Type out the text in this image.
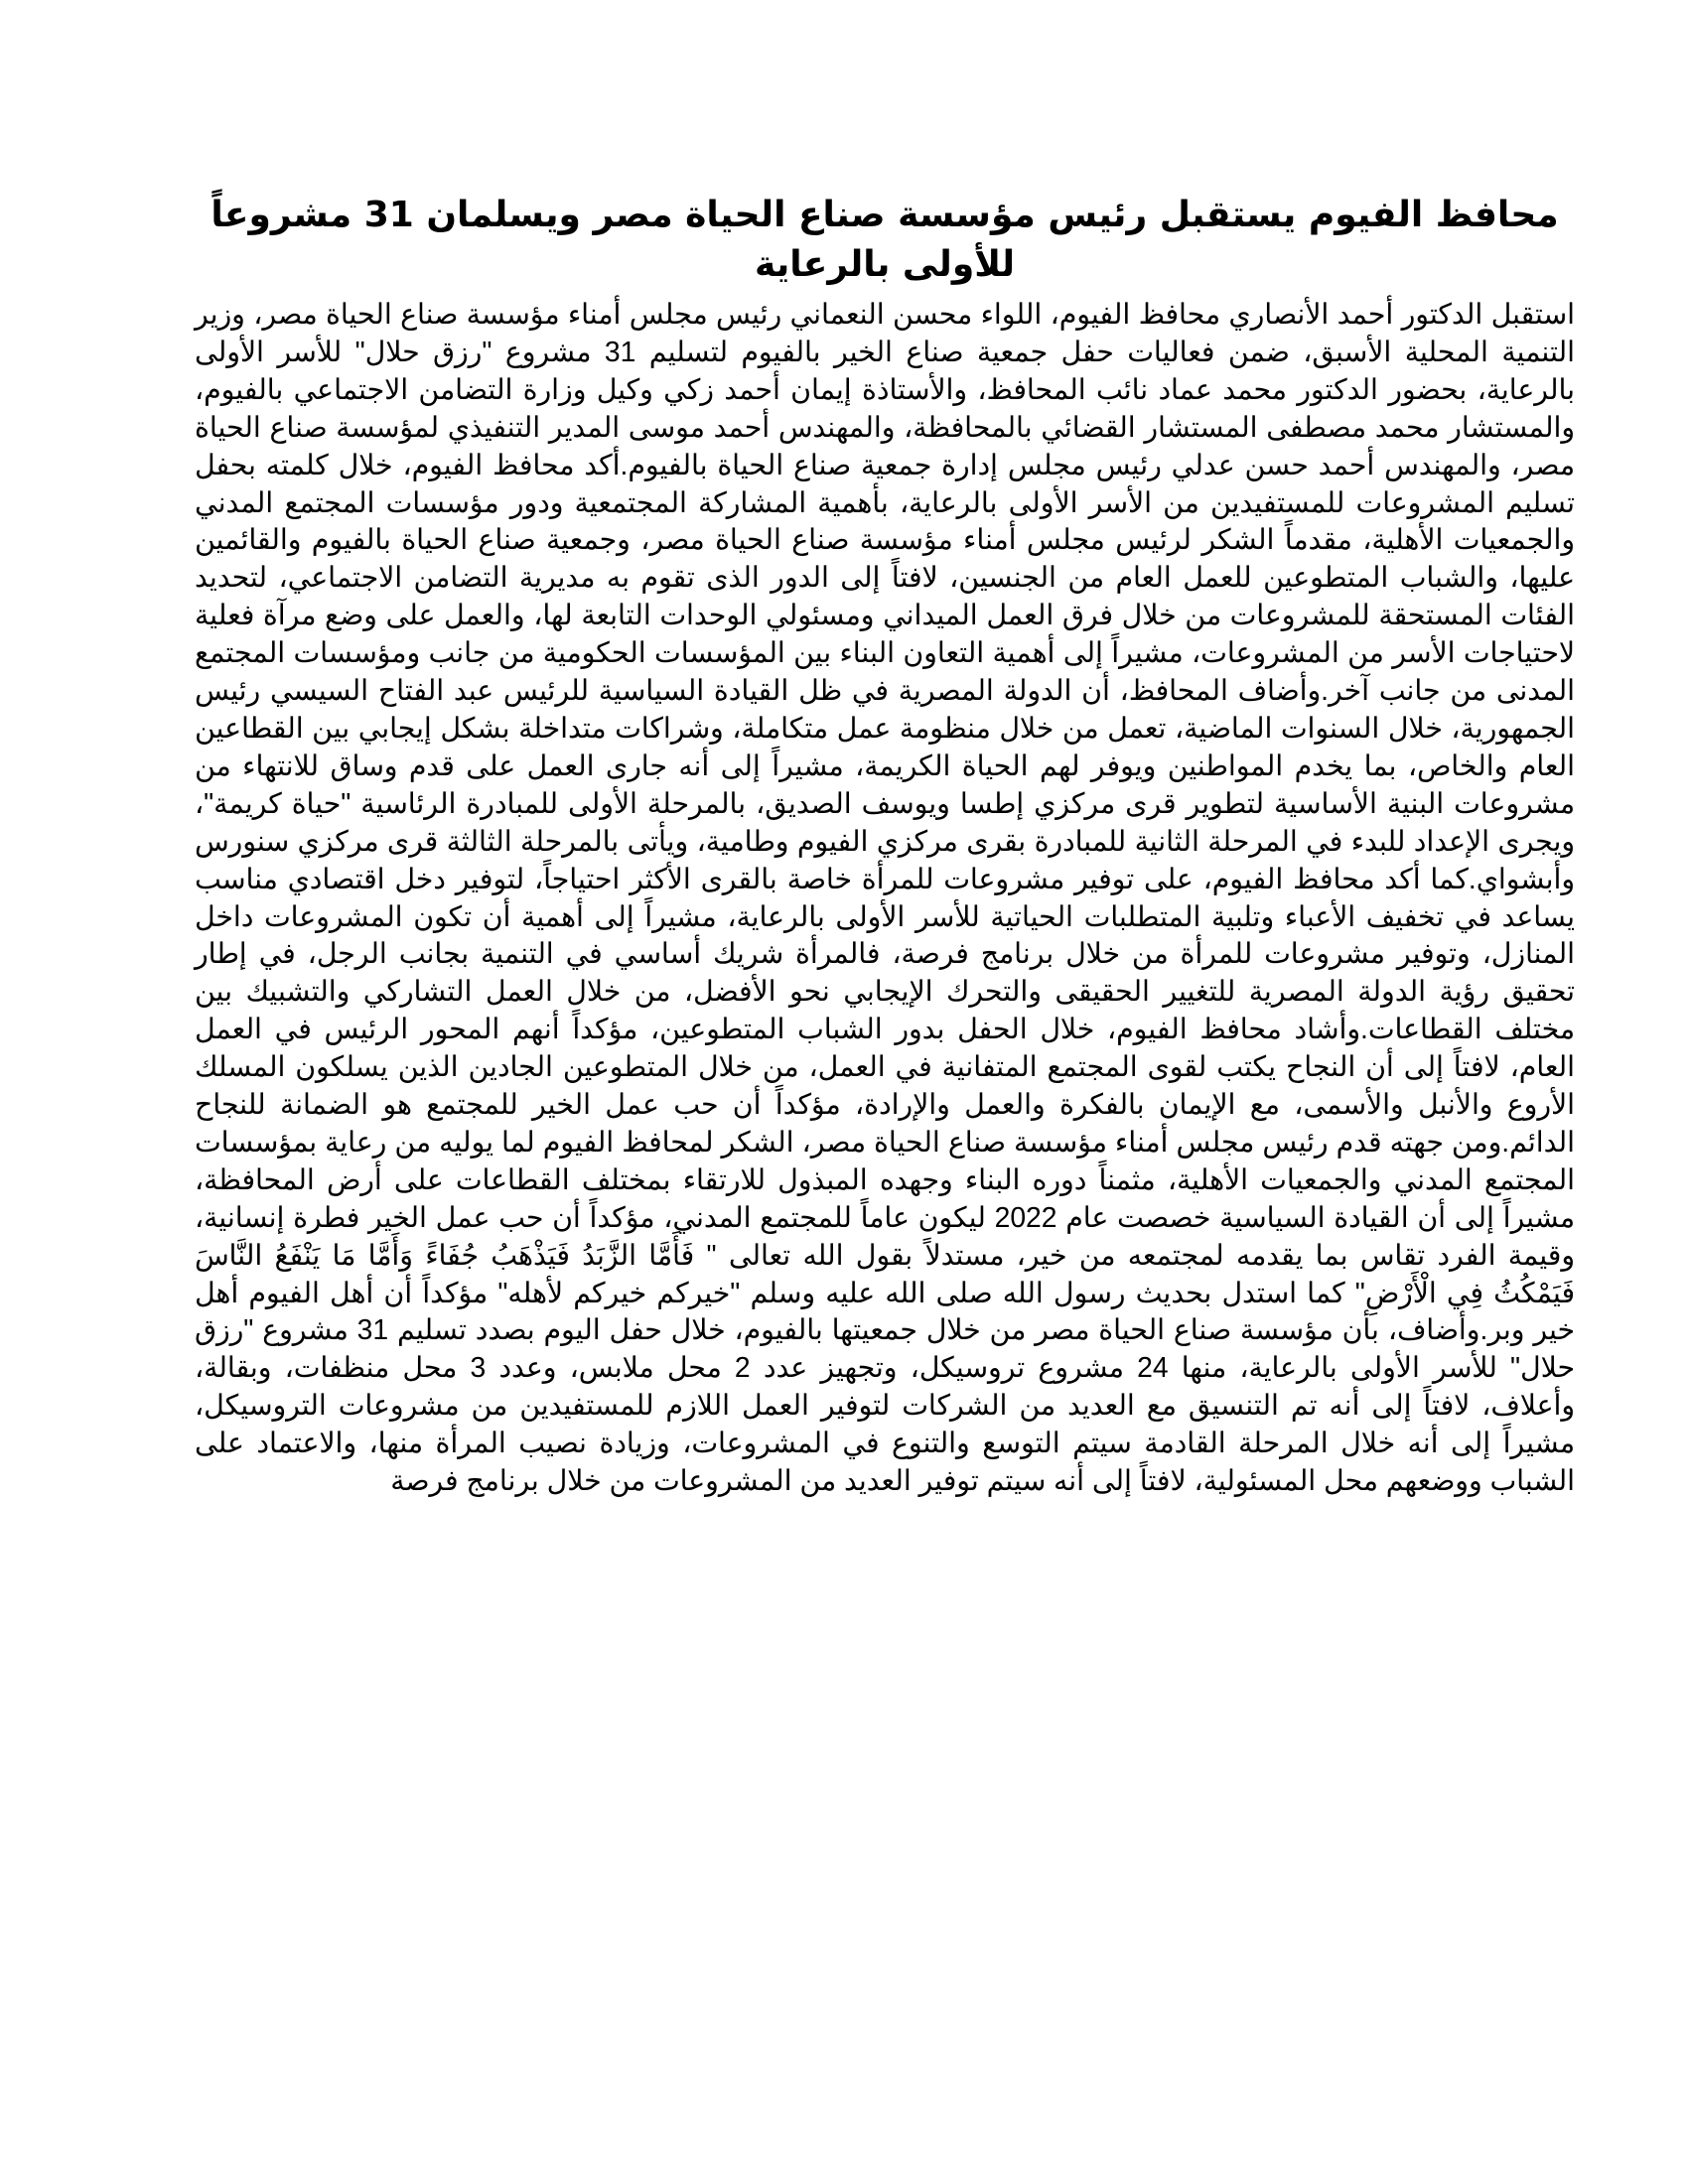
محافظ الفيوم يستقبل رئيس مؤسسة صناع الحياة مصر ويسلمان 31 مشروعاً للأولى بالرعاية

استقبل الدكتور أحمد الأنصاري محافظ الفيوم، اللواء محسن النعماني رئيس مجلس أمناء مؤسسة صناع الحياة مصر، وزير التنمية المحلية الأسبق، ضمن فعاليات حفل جمعية صناع الخير بالفيوم لتسليم 31 مشروع "رزق حلال" للأسر الأولى بالرعاية، بحضور الدكتور محمد عماد نائب المحافظ، والأستاذة إيمان أحمد زكي وكيل وزارة التضامن الاجتماعي بالفيوم، والمستشار محمد مصطفى المستشار القضائي بالمحافظة، والمهندس أحمد موسى المدير التنفيذي لمؤسسة صناع الحياة مصر، والمهندس أحمد حسن عدلي رئيس مجلس إدارة جمعية صناع الحياة بالفيوم.أكد محافظ الفيوم، خلال كلمته بحفل تسليم المشروعات للمستفيدين من الأسر الأولى بالرعاية، بأهمية المشاركة المجتمعية ودور مؤسسات المجتمع المدني والجمعيات الأهلية، مقدماً الشكر لرئيس مجلس أمناء مؤسسة صناع الحياة مصر، وجمعية صناع الحياة بالفيوم والقائمين عليها، والشباب المتطوعين للعمل العام من الجنسين، لافتاً إلى الدور الذى تقوم به مديرية التضامن الاجتماعي، لتحديد الفئات المستحقة للمشروعات من خلال فرق العمل الميداني ومسئولي الوحدات التابعة لها، والعمل على وضع مرآة فعلية لاحتياجات الأسر من المشروعات، مشيراً إلى أهمية التعاون البناء بين المؤسسات الحكومية من جانب ومؤسسات المجتمع المدنى من جانب آخر.وأضاف المحافظ، أن الدولة المصرية في ظل القيادة السياسية للرئيس عبد الفتاح السيسي رئيس الجمهورية، خلال السنوات الماضية، تعمل من خلال منظومة عمل متكاملة، وشراكات متداخلة بشكل إيجابي بين القطاعين العام والخاص، بما يخدم المواطنين ويوفر لهم الحياة الكريمة، مشيراً إلى أنه جارى العمل على قدم وساق للانتهاء من مشروعات البنية الأساسية لتطوير قرى مركزي إطسا ويوسف الصديق، بالمرحلة الأولى للمبادرة الرئاسية "حياة كريمة"، ويجرى الإعداد للبدء في المرحلة الثانية للمبادرة بقرى مركزي الفيوم وطامية، ويأتى بالمرحلة الثالثة قرى مركزي سنورس وأبشواي.كما أكد محافظ الفيوم، على توفير مشروعات للمرأة خاصة بالقرى الأكثر احتياجاً، لتوفير دخل اقتصادي مناسب يساعد في تخفيف الأعباء وتلبية المتطلبات الحياتية للأسر الأولى بالرعاية، مشيراً إلى أهمية أن تكون المشروعات داخل المنازل، وتوفير مشروعات للمرأة من خلال برنامج فرصة، فالمرأة شريك أساسي في التنمية بجانب الرجل، في إطار تحقيق رؤية الدولة المصرية للتغيير الحقيقى والتحرك الإيجابي نحو الأفضل، من خلال العمل التشاركي والتشبيك بين مختلف القطاعات.وأشاد محافظ الفيوم، خلال الحفل بدور الشباب المتطوعين، مؤكداً أنهم المحور الرئيس في العمل العام، لافتاً إلى أن النجاح يكتب لقوى المجتمع المتفانية في العمل، من خلال المتطوعين الجادين الذين يسلكون المسلك الأروع والأنبل والأسمى، مع الإيمان بالفكرة والعمل والإرادة، مؤكداً أن حب عمل الخير للمجتمع هو الضمانة للنجاح الدائم.ومن جهته قدم رئيس مجلس أمناء مؤسسة صناع الحياة مصر، الشكر لمحافظ الفيوم لما يوليه من رعاية بمؤسسات المجتمع المدني والجمعيات الأهلية، مثمناً دوره البناء وجهده المبذول للارتقاء بمختلف القطاعات على أرض المحافظة، مشيراً إلى أن القيادة السياسية خصصت عام 2022 ليكون عاماً للمجتمع المدني، مؤكداً أن حب عمل الخير فطرة إنسانية، وقيمة الفرد تقاس بما يقدمه لمجتمعه من خير، مستدلاً بقول الله تعالى " فَأَمَّا الزَّبَدُ فَيَذْهَبُ جُفَاءً وَأَمَّا مَا يَنْفَعُ النَّاسَ فَيَمْكُثُ فِي الْأَرْضِ" كما استدل بحديث رسول الله صلى الله عليه وسلم "خيركم خيركم لأهله" مؤكداً أن أهل الفيوم أهل خير وبر.وأضاف، بأن مؤسسة صناع الحياة مصر من خلال جمعيتها بالفيوم، خلال حفل اليوم بصدد تسليم 31 مشروع "رزق حلال" للأسر الأولى بالرعاية، منها 24 مشروع تروسيكل، وتجهيز عدد 2 محل ملابس، وعدد 3 محل منظفات، وبقالة، وأعلاف، لافتاً إلى أنه تم التنسيق مع العديد من الشركات لتوفير العمل اللازم للمستفيدين من مشروعات التروسيكل، مشيراً إلى أنه خلال المرحلة القادمة سيتم التوسع والتنوع في المشروعات، وزيادة نصيب المرأة منها، والاعتماد على الشباب ووضعهم محل المسئولية، لافتاً إلى أنه سيتم توفير العديد من المشروعات من خلال برنامج فرصة
